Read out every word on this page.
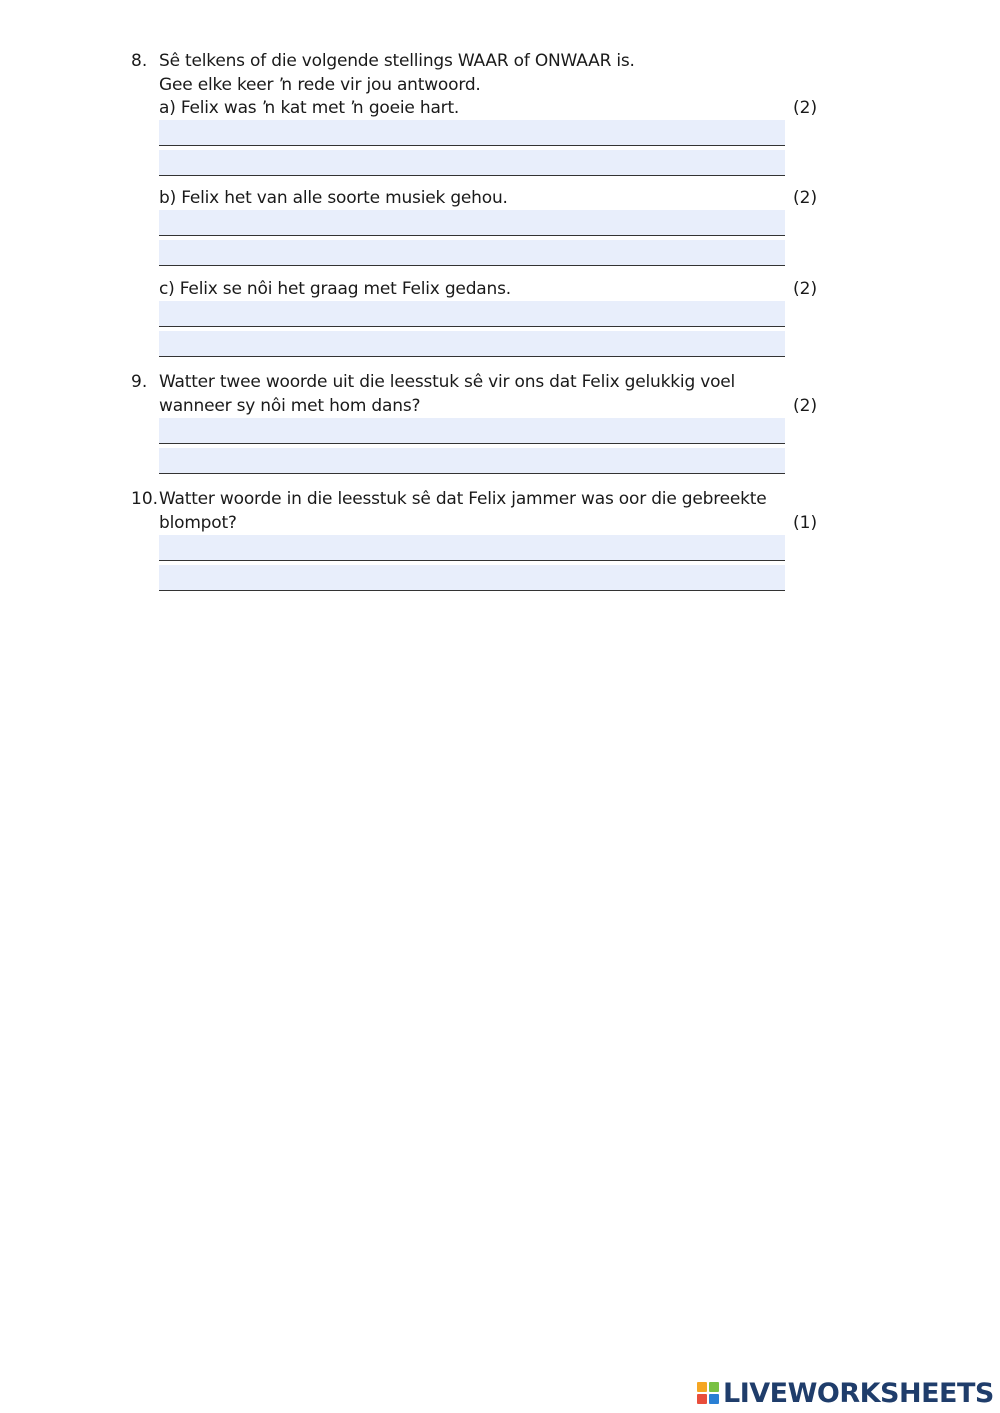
8. Sê telkens of die volgende stellings WAAR of ONWAAR is.
Gee elke keer ŉ rede vir jou antwoord.
a) Felix was ŉ kat met ŉ goeie hart.	(2)
b) Felix het van alle soorte musiek gehou.	(2)
c) Felix se nôi het graag met Felix gedans.	(2)
9. Watter twee woorde uit die leesstuk sê vir ons dat Felix gelukkig voel
wanneer sy nôi met hom dans?	(2)
10. Watter woorde in die leesstuk sê dat Felix jammer was oor die gebreekte
blompot?	(1)
LIVEWORKSHEETS
